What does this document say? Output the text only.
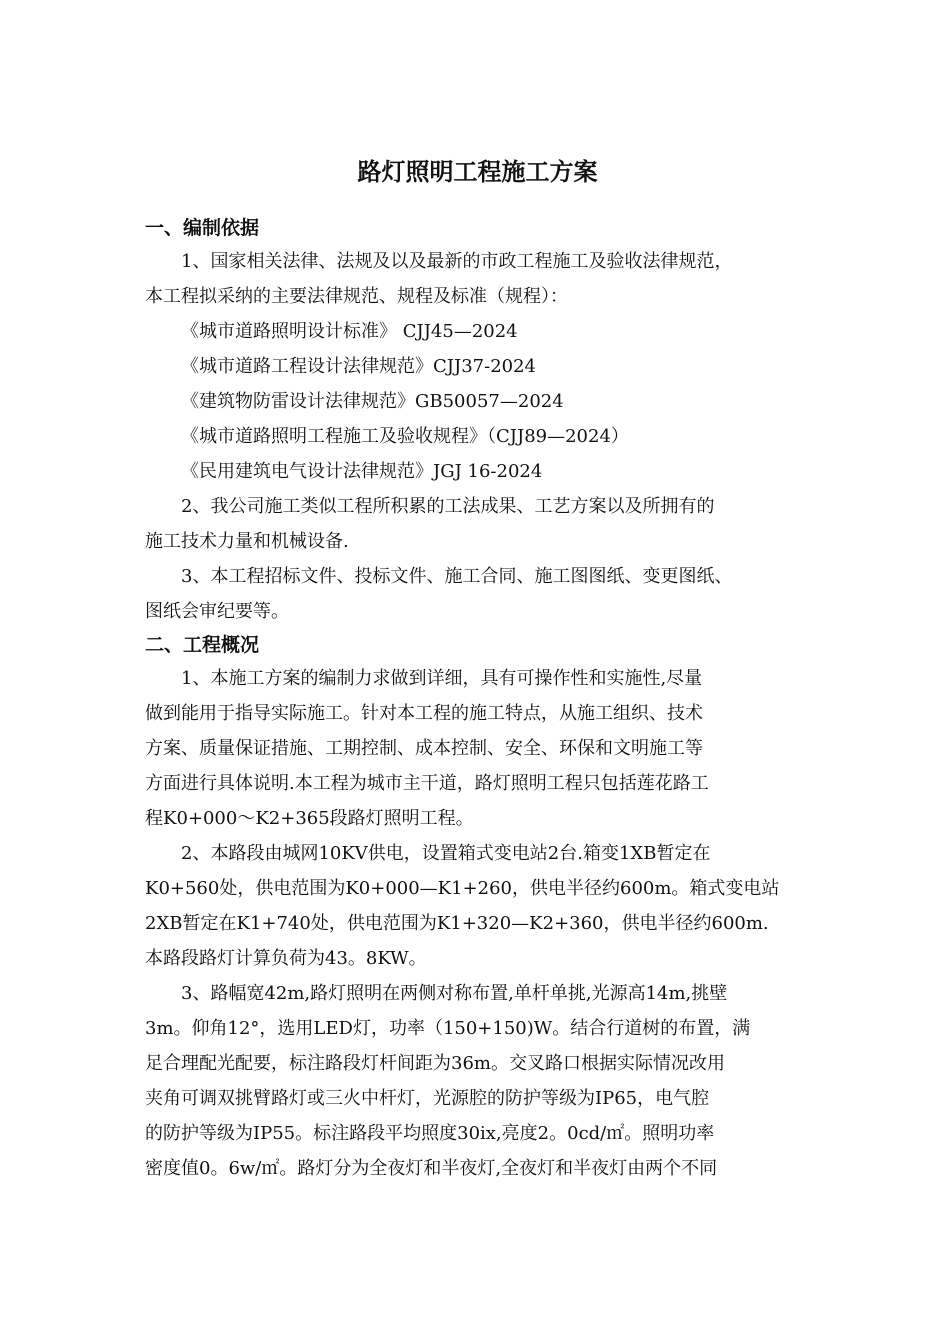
路灯照明工程施工方案
一、编制依据

1、国家相关法律、法规及以及最新的市政工程施工及验收法律规范，
本工程拟采纳的主要法律规范、规程及标准（规程）：

《城市道路照明设计标准》 CJJ45—2024

《城市道路工程设计法律规范》CJJ37-2024

《建筑物防雷设计法律规范》GB50057—2024

《城市道路照明工程施工及验收规程》（CJJ89—2024）

《民用建筑电气设计法律规范》JGJ 16-2024

2、我公司施工类似工程所积累的工法成果、工艺方案以及所拥有的
施工技术力量和机械设备.

3、本工程招标文件、投标文件、施工合同、施工图图纸、变更图纸、
图纸会审纪要等。

二、工程概况

1、本施工方案的编制力求做到详细，具有可操作性和实施性,尽量
做到能用于指导实际施工。针对本工程的施工特点，从施工组织、技术
方案、质量保证措施、工期控制、成本控制、安全、环保和文明施工等
方面进行具体说明.本工程为城市主干道，路灯照明工程只包括莲花路工
程K0+000～K2+365段路灯照明工程。

2、本路段由城网10KV供电，设置箱式变电站2台.箱变1XB暂定在
K0+560处，供电范围为K0+000—K1+260，供电半径约600m。箱式变电站
2XB暂定在K1+740处，供电范围为K1+320—K2+360，供电半径约600m.
本路段路灯计算负荷为43。8KW。

3、路幅宽42m,路灯照明在两侧对称布置,单杆单挑,光源高14m,挑壁
3m。仰角12°，选用LED灯，功率（150+150)W。结合行道树的布置，满
足合理配光配要，标注路段灯杆间距为36m。交叉路口根据实际情况改用
夹角可调双挑臂路灯或三火中杆灯，光源腔的防护等级为IP65，电气腔
的防护等级为IP55。标注路段平均照度30ix,亮度2。0cd/㎡。照明功率
密度值0。6w/㎡。路灯分为全夜灯和半夜灯,全夜灯和半夜灯由两个不同
